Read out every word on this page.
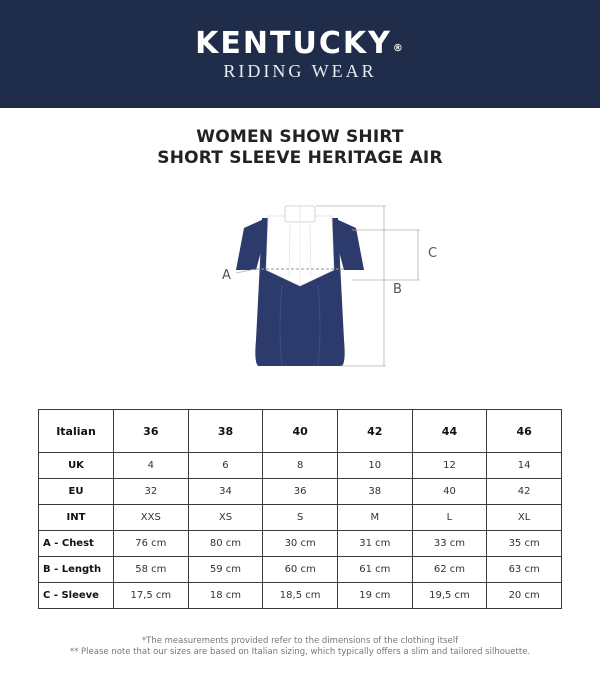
KENTUCKY®
RIDING WEAR
WOMEN SHOW SHIRT
SHORT SLEEVE HERITAGE AIR
A
B
C
Italian	36	38	40	42	44	46
UK	4	6	8	10	12	14
EU	32	34	36	38	40	42
INT	XXS	XS	S	M	L	XL
A - Chest	76 cm	80 cm	30 cm	31 cm	33 cm	35 cm
B - Length	58 cm	59 cm	60 cm	61 cm	62 cm	63 cm
C - Sleeve	17,5 cm	18 cm	18,5 cm	19 cm	19,5 cm	20 cm
*The measurements provided refer to the dimensions of the clothing itself
** Please note that our sizes are based on Italian sizing, which typically offers a slim and tailored silhouette.
